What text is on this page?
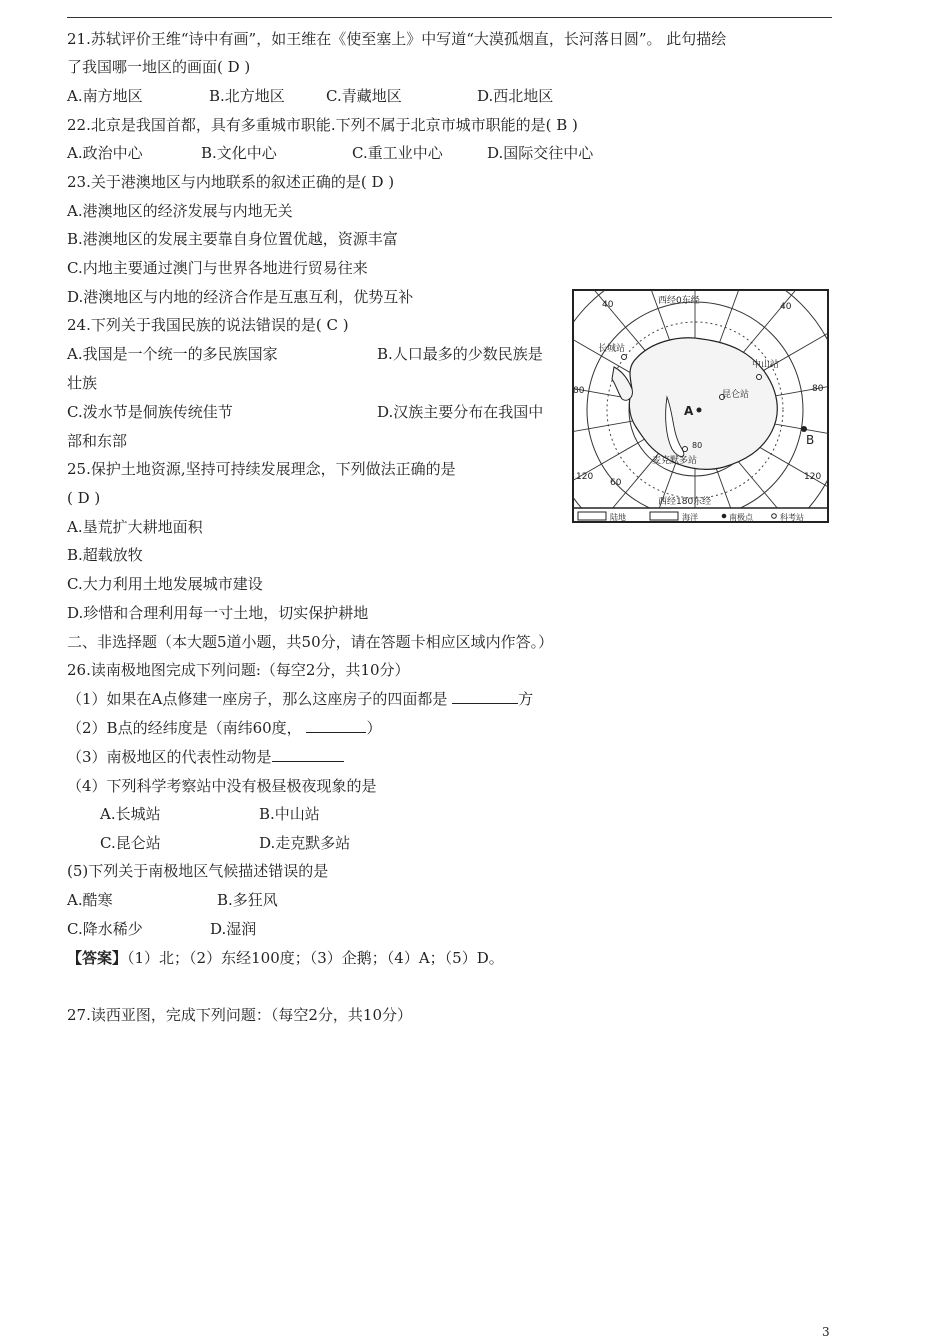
21.苏轼评价王维“诗中有画”，如王维在《使至塞上》中写道“大漠孤烟直，长河落日圆”。 此句描绘
了我国哪一地区的画面( D )
A.南方地区	B.北方地区	C.青藏地区	D.西北地区
22.北京是我国首都，具有多重城市职能.下列不属于北京市城市职能的是( B )
A.政治中心	B.文化中心	C.重工业中心	D.国际交往中心
23.关于港澳地区与内地联系的叙述正确的是( D )
A.港澳地区的经济发展与内地无关
B.港澳地区的发展主要靠自身位置优越，资源丰富
C.内地主要通过澳门与世界各地进行贸易往来
D.港澳地区与内地的经济合作是互惠互利，优势互补
24.下列关于我国民族的说法错误的是( C )
A.我国是一个统一的多民族国家	B.人口最多的少数民族是
壮族
C.泼水节是侗族传统佳节	D.汉族主要分布在我国中
部和东部
25.保护土地资源,坚持可持续发展理念，下列做法正确的是
( D )
A.垦荒扩大耕地面积
B.超载放牧
C.大力利用土地发展城市建设
D.珍惜和合理利用每一寸土地，切实保护耕地
二、非选择题（本大题5道小题，共50分，请在答题卡相应区域内作答。）
26.读南极地图完成下列问题:（每空2分，共10分）
（1）如果在A点修建一座房子，那么这座房子的四面都是	方
（2）B点的经纬度是（南纬60度，	）
（3）南极地区的代表性动物是
（4）下列科学考察站中没有极昼极夜现象的是
A.长城站	B.中山站
C.昆仑站	D.走克默多站
(5)下列关于南极地区气候描述错误的是
A.酷寒	B.多狂风
C.降水稀少	D.湿润
【答案】（1）北；（2）东经100度；（3）企鹅；（4）A；（5）D。
27.读西亚图，完成下列问题：（每空2分，共10分）
西经0东经
西经180东经
40	40
80	80
120	120
60
80
长城站
中山站
昆仑站
麦克默多站
A
B
陆地	海洋	南极点	科考站
3
